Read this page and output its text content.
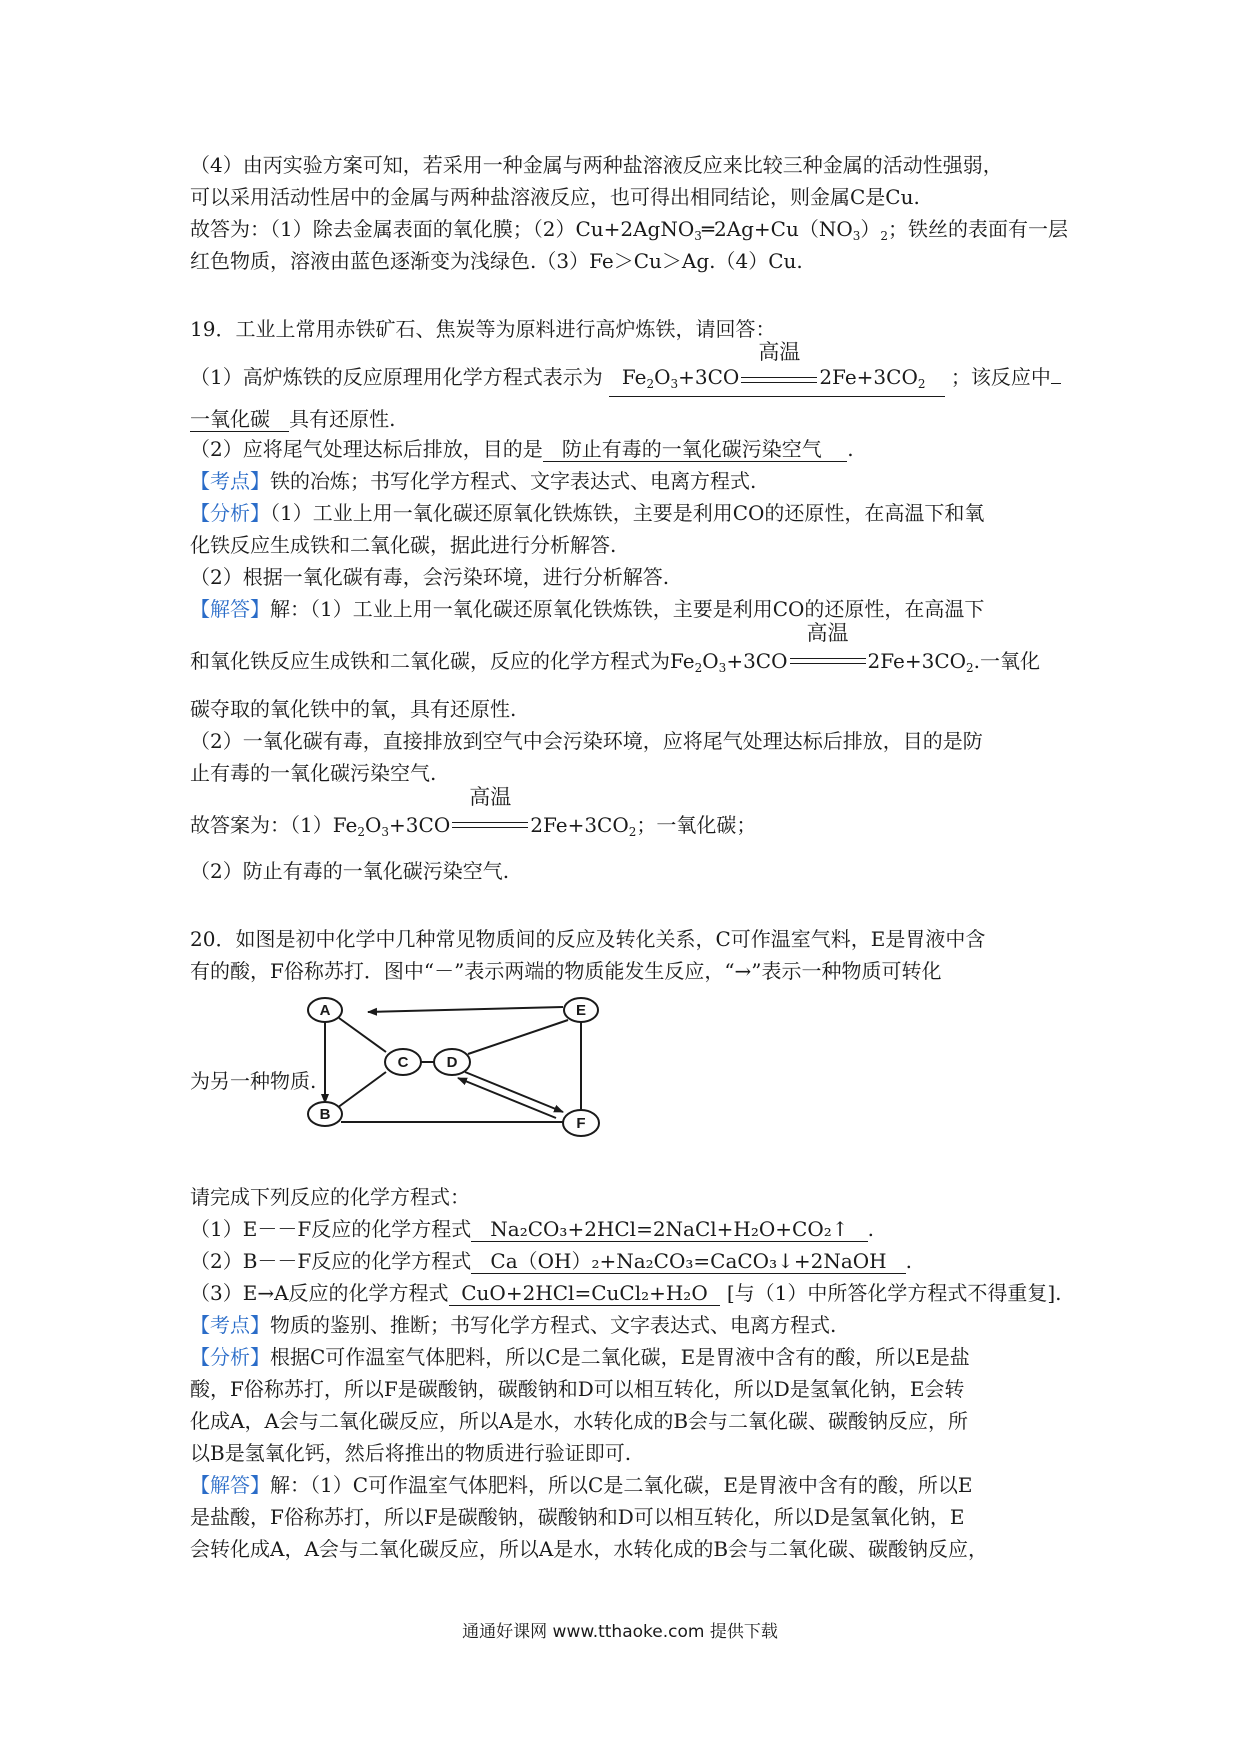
（4）由丙实验方案可知，若采用一种金属与两种盐溶液反应来比较三种金属的活动性强弱，
可以采用活动性居中的金属与两种盐溶液反应，也可得出相同结论，则金属C是Cu.
故答为：（1）除去金属表面的氧化膜；$(2)Cu+2AgNO_3═2Ag+Cu(NO_3)_2$；铁丝的表面有一层
红色物质，溶液由蓝色逐渐变为浅绿色.（3）Fe＞Cu＞Ag.（4）Cu.
19．工业上常用赤铁矿石、焦炭等为原料进行高炉炼铁，请回答：
（1）高炉炼铁的反应原理用化学方程式表示为 $Fe_2O_3+3CO$
高温
$2Fe+3CO_2$ ；该反应中
一氧化碳 具有还原性.
（2）应将尾气处理达标后排放，目的是 防止有毒的一氧化碳污染空气 .
【考点】铁的冶炼；书写化学方程式、文字表达式、电离方程式.
【分析】（1）工业上用一氧化碳还原氧化铁炼铁，主要是利用CO的还原性，在高温下和氧
化铁反应生成铁和二氧化碳，据此进行分析解答.
（2）根据一氧化碳有毒，会污染环境，进行分析解答.
【解答】解：（1）工业上用一氧化碳还原氧化铁炼铁，主要是利用CO的还原性，在高温下
和氧化铁反应生成铁和二氧化碳，反应的化学方程式为$Fe_2O_3+3CO$
高温
$2Fe+3CO_2$.一氧化
碳夺取的氧化铁中的氧，具有还原性.
（2）一氧化碳有毒，直接排放到空气中会污染环境，应将尾气处理达标后排放，目的是防
止有毒的一氧化碳污染空气.
故答案为：$(1)Fe_2O_3+3CO$
高温
$2Fe+3CO_2$；一氧化碳；
（2）防止有毒的一氧化碳污染空气.
20．如图是初中化学中几种常见物质间的反应及转化关系，C可作温室气料，E是胃液中含
有的酸，F俗称苏打．图中“－”表示两端的物质能发生反应，“→”表示一种物质可转化
为另一种物质.
A
B
C	D
E
F
请完成下列反应的化学方程式：
（1）E－－F反应的化学方程式 Na₂CO₃+2HCl=2NaCl+H₂O+CO₂↑ .
（2）B－－F反应的化学方程式 Ca（OH）₂+Na₂CO₃=CaCO₃↓+2NaOH .
（3）E→A反应的化学方程式 CuO+2HCl=CuCl₂+H₂O [与（1）中所答化学方程式不得重复].
【考点】物质的鉴别、推断；书写化学方程式、文字表达式、电离方程式.
【分析】根据C可作温室气体肥料，所以C是二氧化碳，E是胃液中含有的酸，所以E是盐
酸，F俗称苏打，所以F是碳酸钠，碳酸钠和D可以相互转化，所以D是氢氧化钠，E会转
化成A，A会与二氧化碳反应，所以A是水，水转化成的B会与二氧化碳、碳酸钠反应，所
以B是氢氧化钙，然后将推出的物质进行验证即可.
【解答】解：（1）C可作温室气体肥料，所以C是二氧化碳，E是胃液中含有的酸，所以E
是盐酸，F俗称苏打，所以F是碳酸钠，碳酸钠和D可以相互转化，所以D是氢氧化钠，E
会转化成A，A会与二氧化碳反应，所以A是水，水转化成的B会与二氧化碳、碳酸钠反应，
通通好课网 www.tthaoke.com 提供下载
